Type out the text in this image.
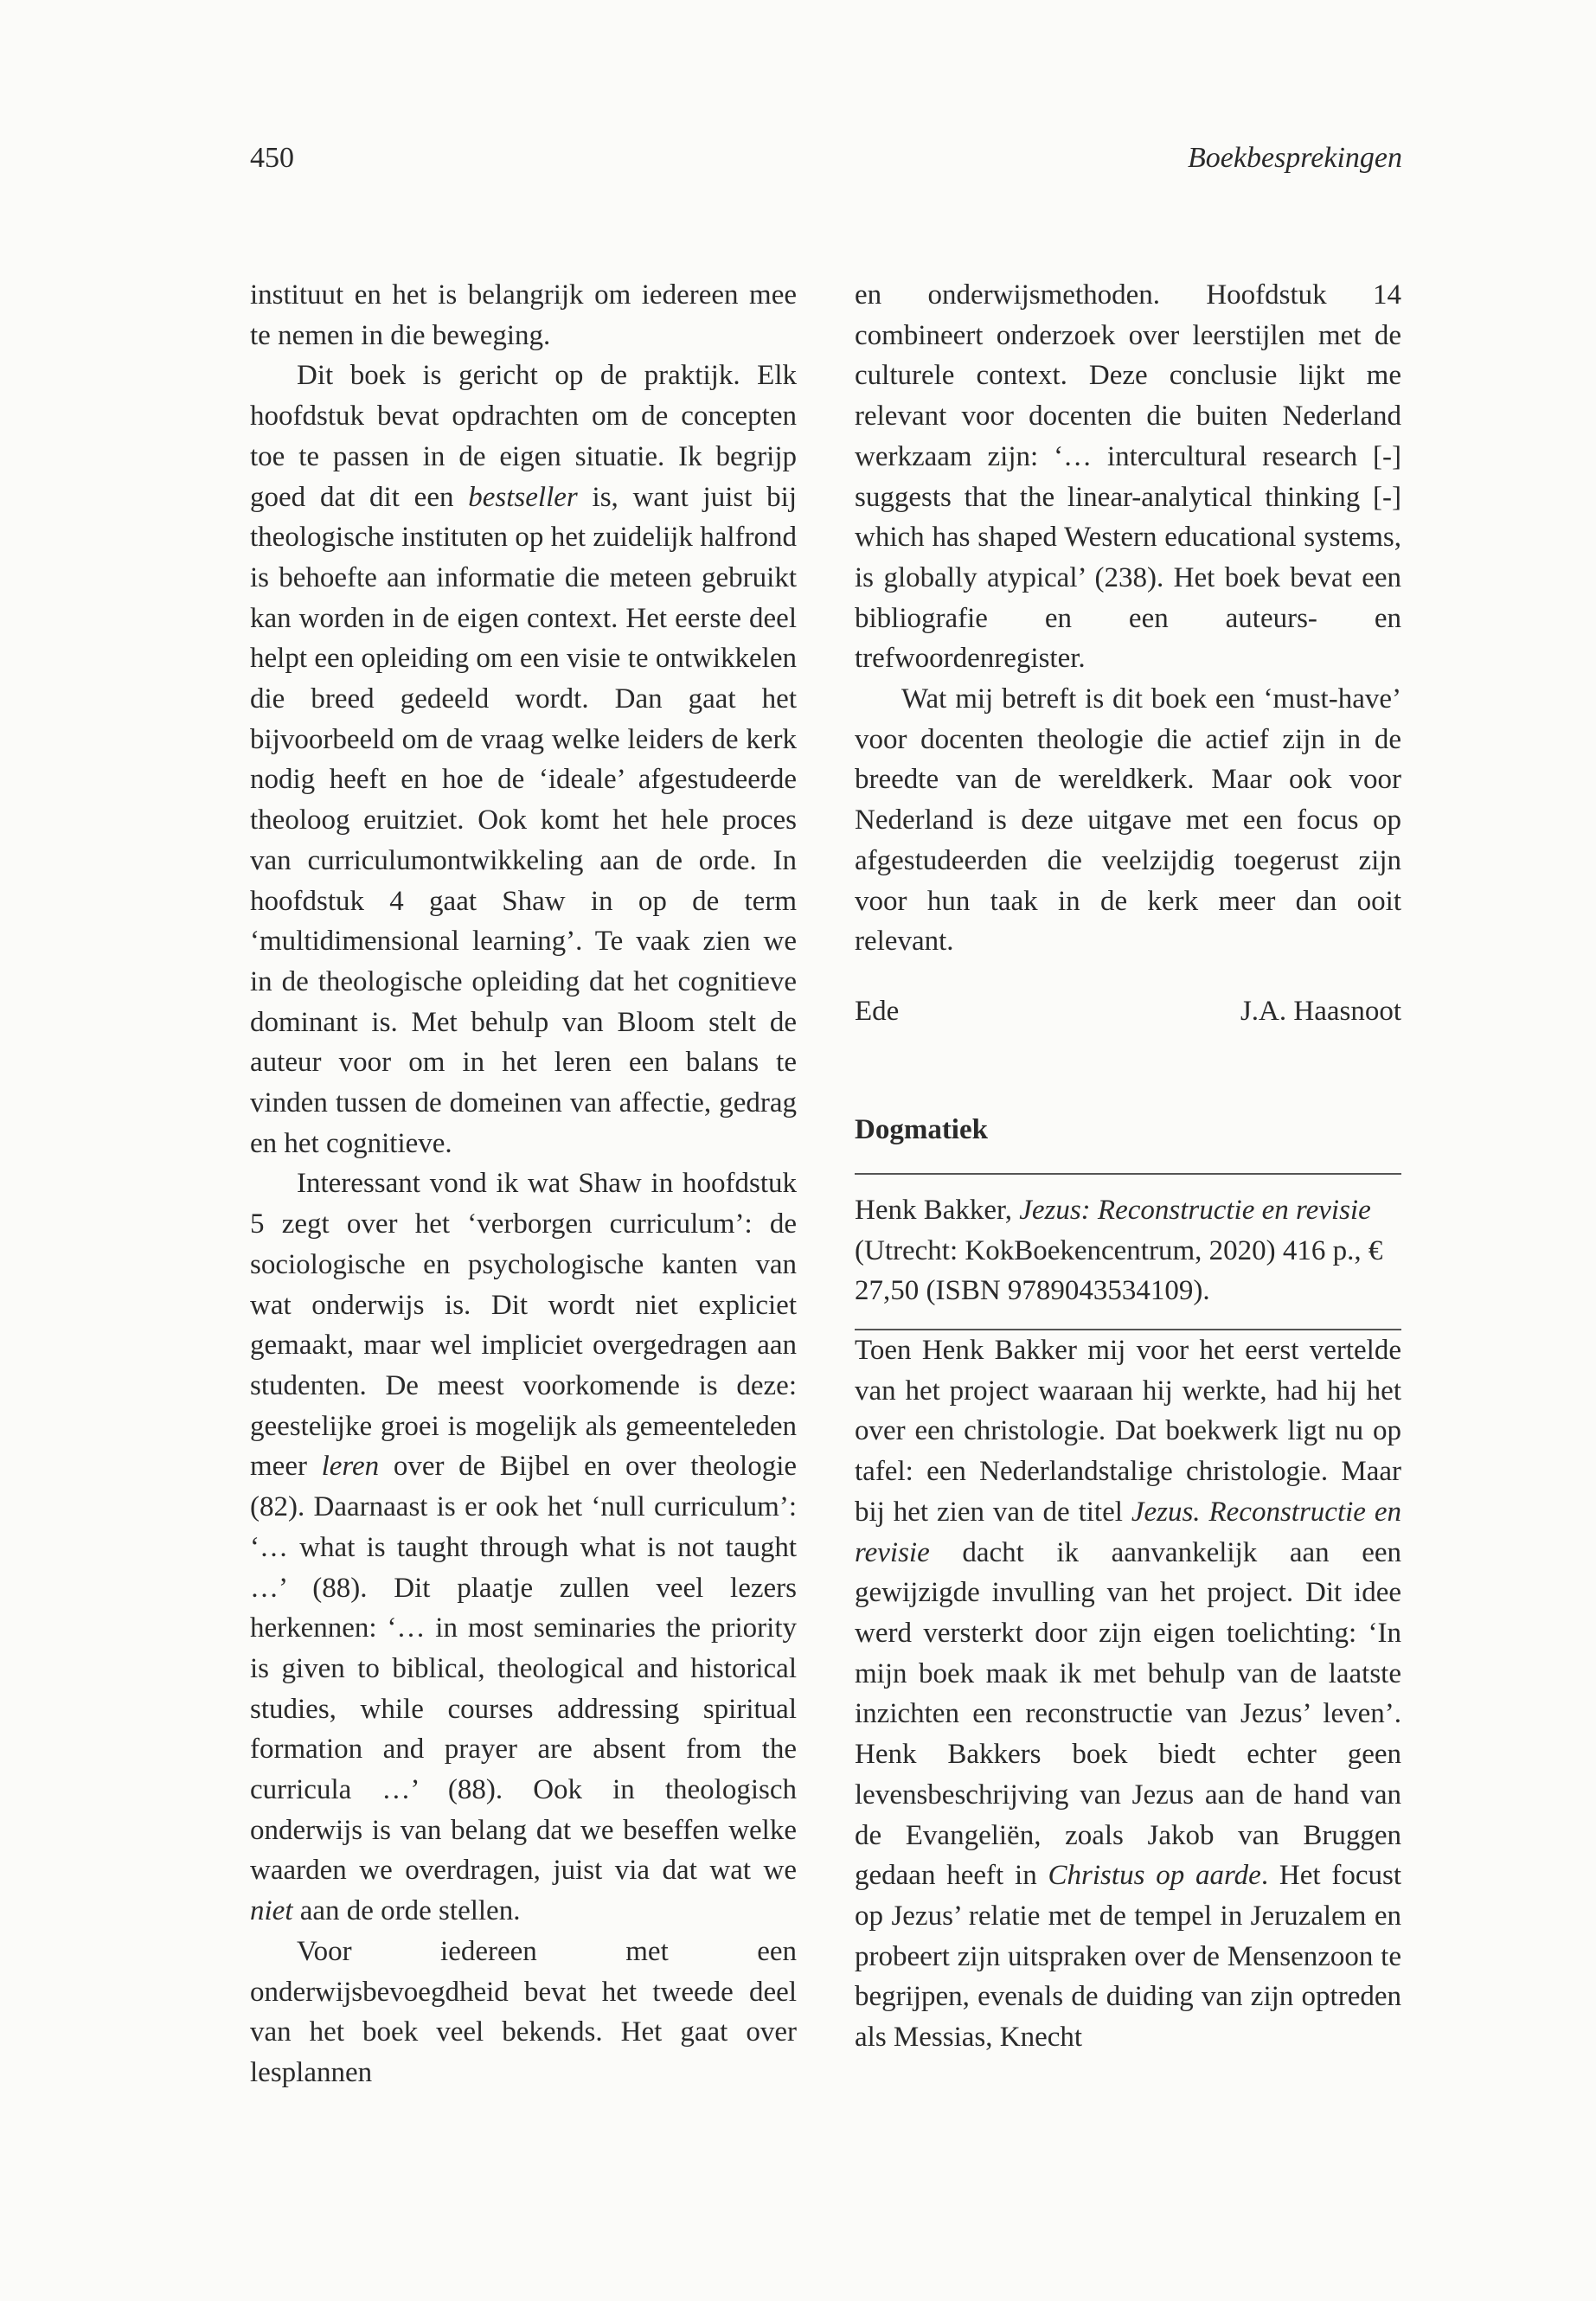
450	Boekbesprekingen

instituut en het is belangrijk om iedereen mee te nemen in die beweging.

Dit boek is gericht op de praktijk. Elk hoofdstuk bevat opdrachten om de concepten toe te passen in de eigen situatie. Ik begrijp goed dat dit een bestseller is, want juist bij theologische instituten op het zuidelijk halfrond is behoefte aan informatie die meteen gebruikt kan worden in de eigen context. Het eerste deel helpt een opleiding om een visie te ontwikkelen die breed gedeeld wordt. Dan gaat het bijvoorbeeld om de vraag welke leiders de kerk nodig heeft en hoe de ‘ideale’ afgestudeerde theoloog eruitziet. Ook komt het hele proces van curriculumontwikkeling aan de orde. In hoofdstuk 4 gaat Shaw in op de term ‘multidimensional learning’. Te vaak zien we in de theologische opleiding dat het cognitieve dominant is. Met behulp van Bloom stelt de auteur voor om in het leren een balans te vinden tussen de domeinen van affectie, gedrag en het cognitieve.

Interessant vond ik wat Shaw in hoofdstuk 5 zegt over het ‘verborgen curriculum’: de sociologische en psychologische kanten van wat onderwijs is. Dit wordt niet expliciet gemaakt, maar wel impliciet overgedragen aan studenten. De meest voorkomende is deze: geestelijke groei is mogelijk als gemeenteleden meer leren over de Bijbel en over theologie (82). Daarnaast is er ook het ‘null curriculum’: ‘… what is taught through what is not taught …’ (88). Dit plaatje zullen veel lezers herkennen: ‘… in most seminaries the priority is given to biblical, theological and historical studies, while courses addressing spiritual formation and prayer are absent from the curricula …’ (88). Ook in theologisch onderwijs is van belang dat we beseffen welke waarden we overdragen, juist via dat wat we niet aan de orde stellen.

Voor iedereen met een onderwijsbevoegdheid bevat het tweede deel van het boek veel bekends. Het gaat over lesplannen

en onderwijsmethoden. Hoofdstuk 14 combineert onderzoek over leerstijlen met de culturele context. Deze conclusie lijkt me relevant voor docenten die buiten Nederland werkzaam zijn: ‘… intercultural research [-] suggests that the linear-analytical thinking [-] which has shaped Western educational systems, is globally atypical’ (238). Het boek bevat een bibliografie en een auteurs- en trefwoordenregister.

Wat mij betreft is dit boek een ‘must-have’ voor docenten theologie die actief zijn in de breedte van de wereldkerk. Maar ook voor Nederland is deze uitgave met een focus op afgestudeerden die veelzijdig toegerust zijn voor hun taak in de kerk meer dan ooit relevant.

Ede	J.A. Haasnoot
Dogmatiek
Henk Bakker, Jezus: Reconstructie en revisie (Utrecht: KokBoekencentrum, 2020) 416 p., € 27,50 (ISBN 9789043534109).

Toen Henk Bakker mij voor het eerst vertelde van het project waaraan hij werkte, had hij het over een christologie. Dat boekwerk ligt nu op tafel: een Nederlandstalige christologie. Maar bij het zien van de titel Jezus. Reconstructie en revisie dacht ik aanvankelijk aan een gewijzigde invulling van het project. Dit idee werd versterkt door zijn eigen toelichting: ‘In mijn boek maak ik met behulp van de laatste inzichten een reconstructie van Jezus’ leven’. Henk Bakkers boek biedt echter geen levensbeschrijving van Jezus aan de hand van de Evangeliën, zoals Jakob van Bruggen gedaan heeft in Christus op aarde. Het focust op Jezus’ relatie met de tempel in Jeruzalem en probeert zijn uitspraken over de Mensenzoon te begrijpen, evenals de duiding van zijn optreden als Messias, Knecht
